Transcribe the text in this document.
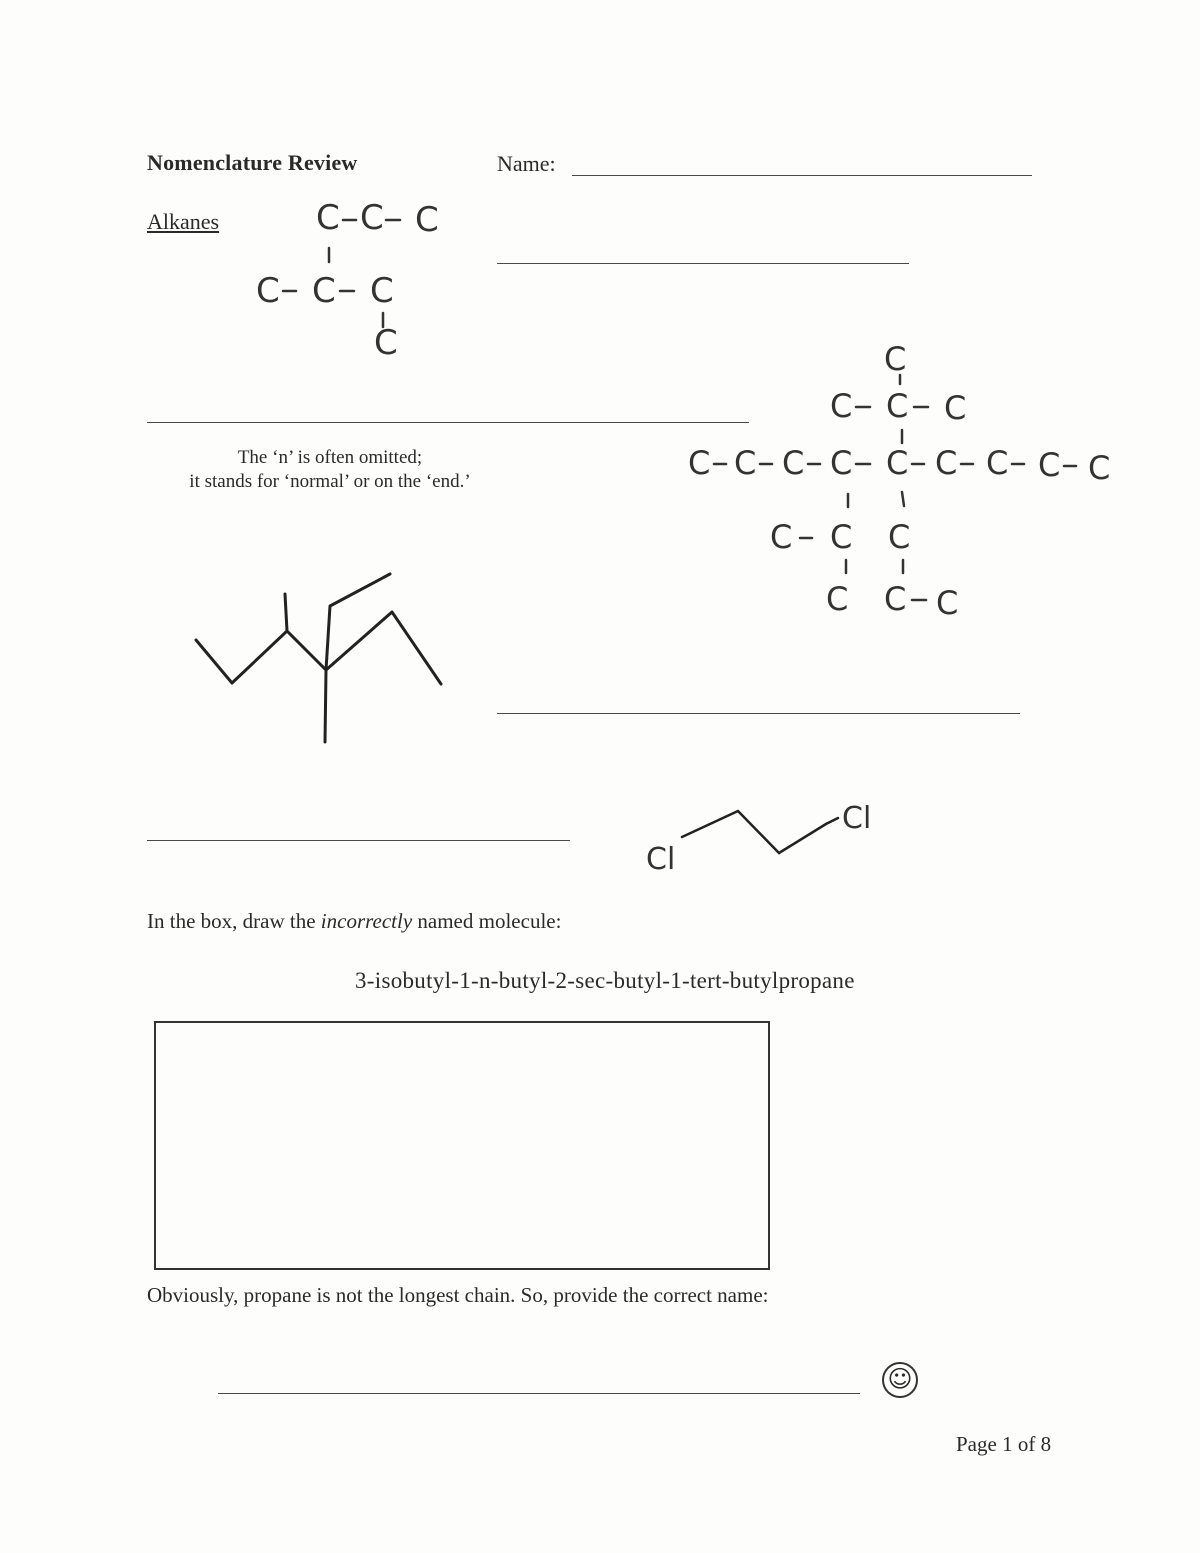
Nomenclature Review	Name:
Alkanes
The ‘n’ is often omitted;
it stands for ‘normal’ or on the ‘end.’
C C C
C C C
C	C
C C C
C C C C C C C C C
C C C
C C C
Cl
Cl
In the box, draw the incorrectly named molecule:
3-isobutyl-1-n-butyl-2-sec-butyl-1-tert-butylpropane
Obviously, propane is not the longest chain. So, provide the correct name:
☺
Page 1 of 8
